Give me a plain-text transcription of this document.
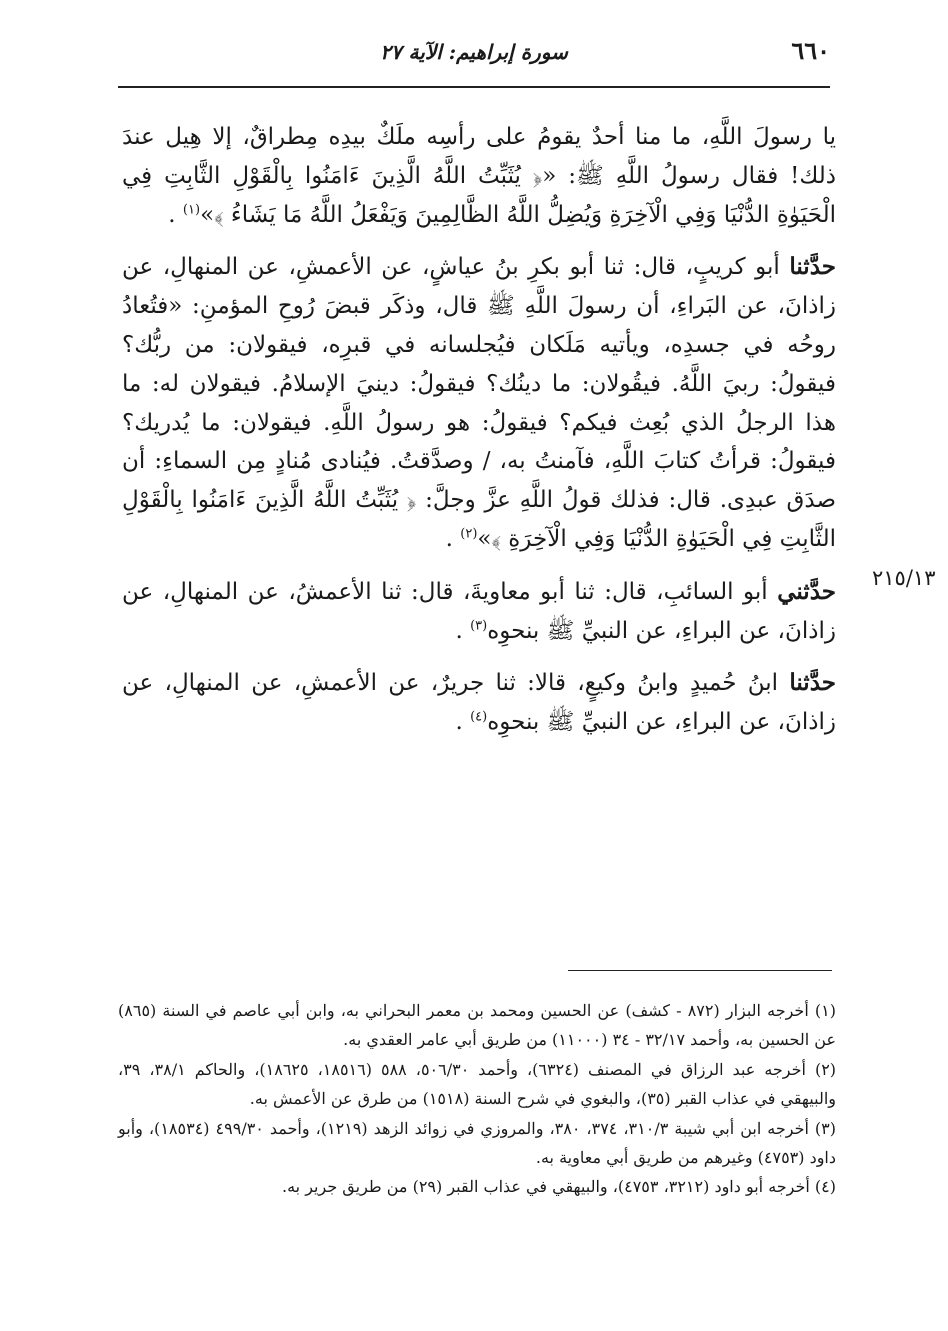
٦٦٠
سورة إبراهيم: الآية ٢٧
٢١٥/١٣

يا رسولَ اللَّهِ، ما منا أحدٌ يقومُ على رأسِه ملَكٌ بيدِه مِطراقٌ، إلا هِيل عندَ ذلك! فقال رسولُ اللَّهِ ﷺ: «﴿ يُثَبِّتُ اللَّهُ الَّذِينَ ءَامَنُوا بِالْقَوْلِ الثَّابِتِ فِي الْحَيَوٰةِ الدُّنْيَا وَفِي الْآخِرَةِ وَيُضِلُّ اللَّهُ الظَّالِمِينَ وَيَفْعَلُ اللَّهُ مَا يَشَاءُ ﴾»$^{(١)}$ .

حدَّثنا أبو كريبٍ، قال: ثنا أبو بكرِ بنُ عياشٍ، عن الأعمشِ، عن المنهالِ، عن زاذانَ، عن البَراءِ، أن رسولَ اللَّهِ ﷺ قال، وذكَر قبضَ رُوحِ المؤمنِ: «فتُعادُ روحُه في جسدِه، ويأتيه مَلَكان فيُجلسانه في قبرِه، فيقولان: من ربُّك؟ فيقولُ: ربيَ اللَّهُ. فيقُولان: ما دينُك؟ فيقولُ: دينيَ الإسلامُ. فيقولان له: ما هذا الرجلُ الذي بُعِث فيكم؟ فيقولُ: هو رسولُ اللَّهِ. فيقولان: ما يُدريك؟ فيقولُ: قرأتُ كتابَ اللَّهِ، فآمنتُ به، / وصدَّقتُ. فيُنادى مُنادٍ مِن السماءِ: أن صدَق عبدِى. قال: فذلك قولُ اللَّهِ عزَّ وجلَّ: ﴿ يُثَبِّتُ اللَّهُ الَّذِينَ ءَامَنُوا بِالْقَوْلِ الثَّابِتِ فِي الْحَيَوٰةِ الدُّنْيَا وَفِي الْآخِرَةِ ﴾»$^{(٢)}$ .

حدَّثني أبو السائبِ، قال: ثنا أبو معاويةَ، قال: ثنا الأعمشُ، عن المنهالِ، عن زاذانَ، عن البراءِ، عن النبيِّ ﷺ بنحوِه$^{(٣)}$ .

حدَّثنا ابنُ حُميدٍ وابنُ وكيعٍ، قالا: ثنا جريرٌ، عن الأعمشِ، عن المنهالِ، عن زاذانَ، عن البراءِ، عن النبيِّ ﷺ بنحوِه$^{(٤)}$ .

(١) أخرجه البزار (٨٧٢ - كشف) عن الحسين ومحمد بن معمر البحراني به، وابن أبي عاصم في السنة (٨٦٥) عن الحسين به، وأحمد ٣٢/١٧ - ٣٤ (١١٠٠٠) من طريق أبي عامر العقدي به.

(٢) أخرجه عبد الرزاق في المصنف (٦٣٢٤)، وأحمد ٥٠٦/٣٠، ٥٨٨ (١٨٥١٦، ١٨٦٢٥)، والحاكم ٣٨/١، ٣٩، والبيهقي في عذاب القبر (٣٥)، والبغوي في شرح السنة (١٥١٨) من طرق عن الأعمش به.

(٣) أخرجه ابن أبي شيبة ٣١٠/٣، ٣٧٤، ٣٨٠، والمروزي في زوائد الزهد (١٢١٩)، وأحمد ٤٩٩/٣٠ (١٨٥٣٤)، وأبو داود (٤٧٥٣) وغيرهم من طريق أبي معاوية به.

(٤) أخرجه أبو داود (٣٢١٢، ٤٧٥٣)، والبيهقي في عذاب القبر (٢٩) من طريق جرير به.
